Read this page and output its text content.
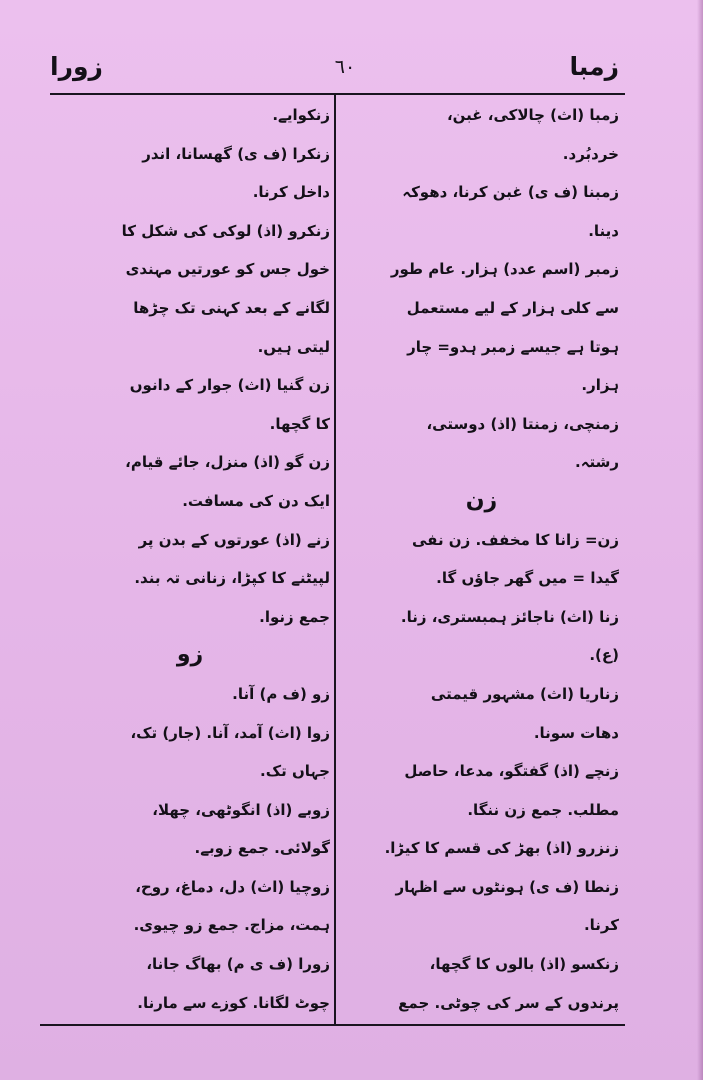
زمبا
٦٠
زورا
زمبا (اث) چالاکی، غبن،
خردبُرد.
زمبنا (ف ی) غبن کرنا، دھوکہ
دینا.
زمبر (اسم عدد) ہزار. عام طور
سے کلی ہزار کے لیے مستعمل
ہوتا ہے جیسے زمبر ہدو= چار
ہزار.
زمنچی، زمنتا (اذ) دوستی،
رشتہ.
زن
زن= زانا کا مخفف. زن نفی
گیدا = میں گھر جاؤں گا.
زنا (اث) ناجائز ہمبستری، زنا.
(ع).
زناریا (اث) مشہور قیمتی
دھات سونا.
زنچے (اذ) گفتگو، مدعا، حاصل
مطلب. جمع زن ننگا.
زنزرو (اذ) بھڑ کی قسم کا کیڑا.
زنطا (ف ی) ہونٹوں سے اظہار
کرنا.
زنکسو (اذ) بالوں کا گچھا،
پرندوں کے سر کی چوٹی. جمع
زنکوایے.
زنکرا (ف ی) گھسانا، اندر
داخل کرنا.
زنکرو (اذ) لوکی کی شکل کا
خول جس کو عورتیں مہندی
لگانے کے بعد کہنی تک چڑھا
لیتی ہیں.
زن گنیا (اث) جوار کے دانوں
کا گچھا.
زن گو (اذ) منزل، جائے قیام،
ایک دن کی مسافت.
زنے (اذ) عورتوں کے بدن پر
لپیٹنے کا کپڑا، زنانی تہ بند.
جمع زنوا.
زو
زو (ف م) آنا.
زوا (اث) آمد، آنا. (جار) تک،
جہاں تک.
زوبے (اذ) انگوٹھی، چھلا،
گولائی. جمع زوبے.
زوچیا (اث) دل، دماغ، روح،
ہمت، مزاج. جمع زو چیوی.
زورا (ف ی م) بھاگ جانا،
چوٹ لگانا. کوزے سے مارنا.
